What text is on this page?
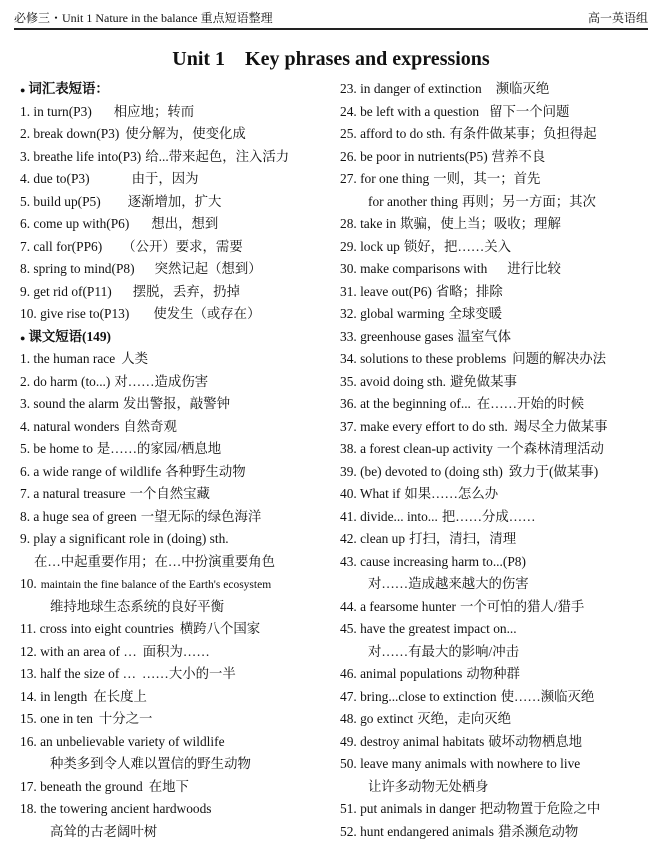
必修三・Unit 1 Nature in the balance 重点短语整理	高一英语组
Unit 1    Key phrases and expressions
● 词汇表短语：
1. in turn(P3) 相应地；转而
2. break down(P3) 使分解为，使变化成
3. breathe life into(P3) 给...带来起色，注入活力
4. due to(P3)	由于，因为
5. build up(P5) 逐渐增加，扩大
6. come up with(P6) 想出，想到
7. call for(PP6) （公开）要求，需要
8. spring to mind(P8) 突然记起（想到）
9. get rid of(P11) 摆脱，丢弃，扔掉
10. give rise to(P13) 使发生（或存在）
● 课文短语(149)
1. the human race 人类
2. do harm (to...) 对……造成伤害
3. sound the alarm 发出警报，敲警钟
4. natural wonders 自然奇观
5. be home to 是……的家园/栖息地
6. a wide range of wildlife 各种野生动物
7. a natural treasure 一个自然宝藏
8. a huge sea of green 一望无际的绿色海洋
9. play a significant role in (doing) sth.
在…中起重要作用；在…中扮演重要角色
10. maintain the fine balance of the Earth's ecosystem
维持地球生态系统的良好平衡
11. cross into eight countries 横跨八个国家
12. with an area of … 面积为……
13. half the size of … ……大小的一半
14. in length 在长度上
15. one in ten 十分之一
16. an unbelievable variety of wildlife
种类多到令人难以置信的野生动物
17. beneath the ground 在地下
18. the towering ancient hardwoods
高耸的古老阔叶树
23. in danger of extinction 濒临灭绝
24. be left with a question 留下一个问题
25. afford to do sth. 有条件做某事；负担得起
26. be poor in nutrients(P5) 营养不良
27. for one thing 一则，其一；首先
for another thing 再则；另一方面；其次
28. take in 欺骗，使上当；吸收；理解
29. lock up 锁好，把……关入
30. make comparisons with 进行比较
31. leave out(P6) 省略；排除
32. global warming 全球变暖
33. greenhouse gases 温室气体
34. solutions to these problems 问题的解决办法
35. avoid doing sth. 避免做某事
36. at the beginning of... 在……开始的时候
37. make every effort to do sth. 竭尽全力做某事
38. a forest clean-up activity 一个森林清理活动
39. (be) devoted to (doing sth) 致力于(做某事)
40. What if 如果……怎么办
41. divide... into... 把……分成……
42. clean up 打扫，清扫，清理
43. cause increasing harm to...(P8)
对……造成越来越大的伤害
44. a fearsome hunter 一个可怕的猎人/猎手
45. have the greatest impact on...
对……有最大的影响/冲击
46. animal populations 动物种群
47. bring...close to extinction 使……濒临灭绝
48. go extinct 灭绝，走向灭绝
49. destroy animal habitats 破坏动物栖息地
50. leave many animals with nowhere to live
让许多动物无处栖身
51. put animals in danger 把动物置于危险之中
52. hunt endangered animals 猎杀濒危动物
